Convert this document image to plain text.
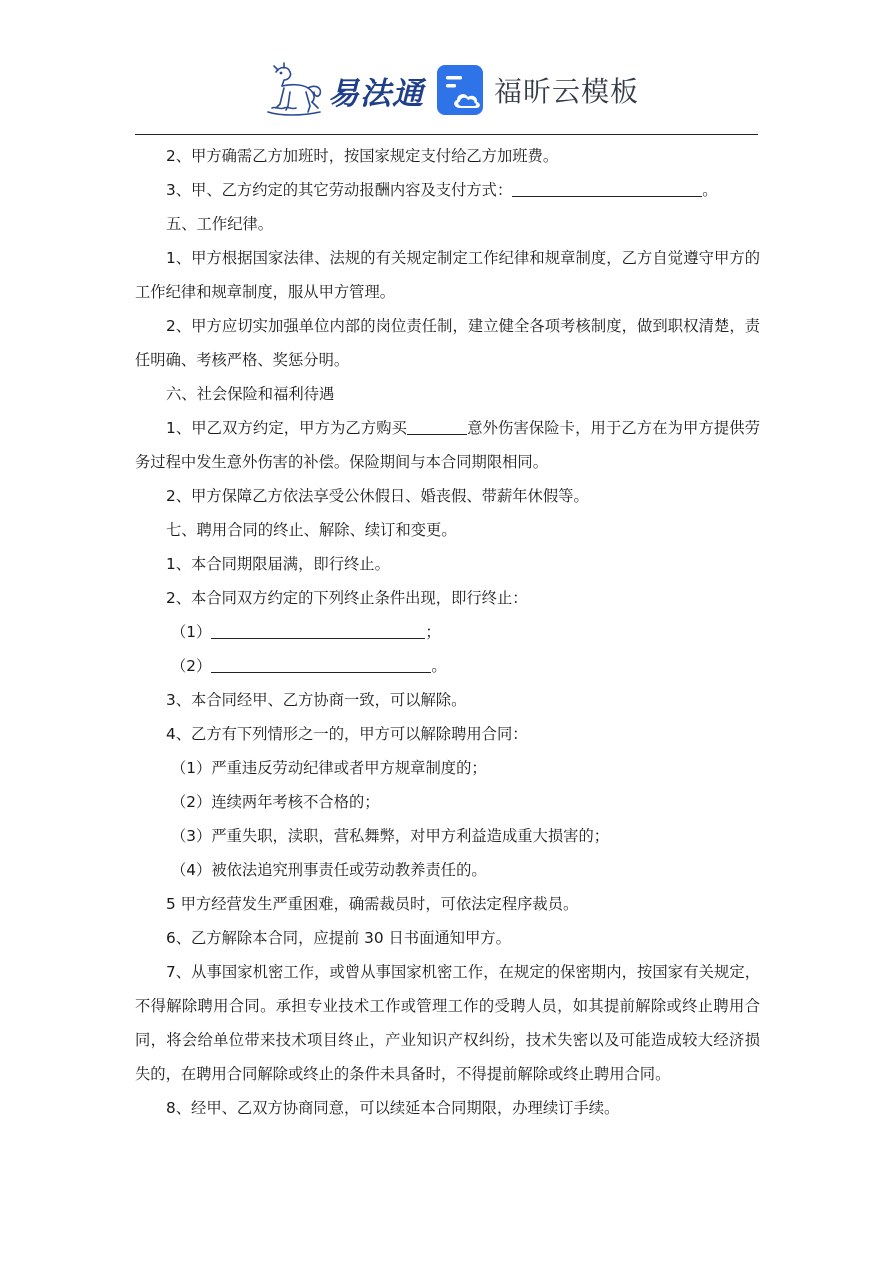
易法通	福昕云模板

2、甲方确需乙方加班时，按国家规定支付给乙方加班费。

3、甲、乙方约定的其它劳动报酬内容及支付方式：	。

五、工作纪律。

1、甲方根据国家法律、法规的有关规定制定工作纪律和规章制度，乙方自觉遵守甲方的工作纪律和规章制度，服从甲方管理。

2、甲方应切实加强单位内部的岗位责任制，建立健全各项考核制度，做到职权清楚，责任明确、考核严格、奖惩分明。

六、社会保险和福利待遇

1、甲乙双方约定，甲方为乙方购买	意外伤害保险卡，用于乙方在为甲方提供劳务过程中发生意外伤害的补偿。保险期间与本合同期限相同。

2、甲方保障乙方依法享受公休假日、婚丧假、带薪年休假等。

七、聘用合同的终止、解除、续订和变更。

1、本合同期限届满，即行终止。

2、本合同双方约定的下列终止条件出现，即行终止：

（1）	；

（2）	。

3、本合同经甲、乙方协商一致，可以解除。

4、乙方有下列情形之一的，甲方可以解除聘用合同：

（1）严重违反劳动纪律或者甲方规章制度的；

（2）连续两年考核不合格的；

（3）严重失职，渎职，营私舞弊，对甲方利益造成重大损害的；

（4）被依法追究刑事责任或劳动教养责任的。

5 甲方经营发生严重困难，确需裁员时，可依法定程序裁员。

6、乙方解除本合同，应提前 30 日书面通知甲方。

7、从事国家机密工作，或曾从事国家机密工作，在规定的保密期内，按国家有关规定，不得解除聘用合同。承担专业技术工作或管理工作的受聘人员，如其提前解除或终止聘用合同，将会给单位带来技术项目终止，产业知识产权纠纷，技术失密以及可能造成较大经济损失的，在聘用合同解除或终止的条件未具备时，不得提前解除或终止聘用合同。

8、经甲、乙双方协商同意，可以续延本合同期限，办理续订手续。
